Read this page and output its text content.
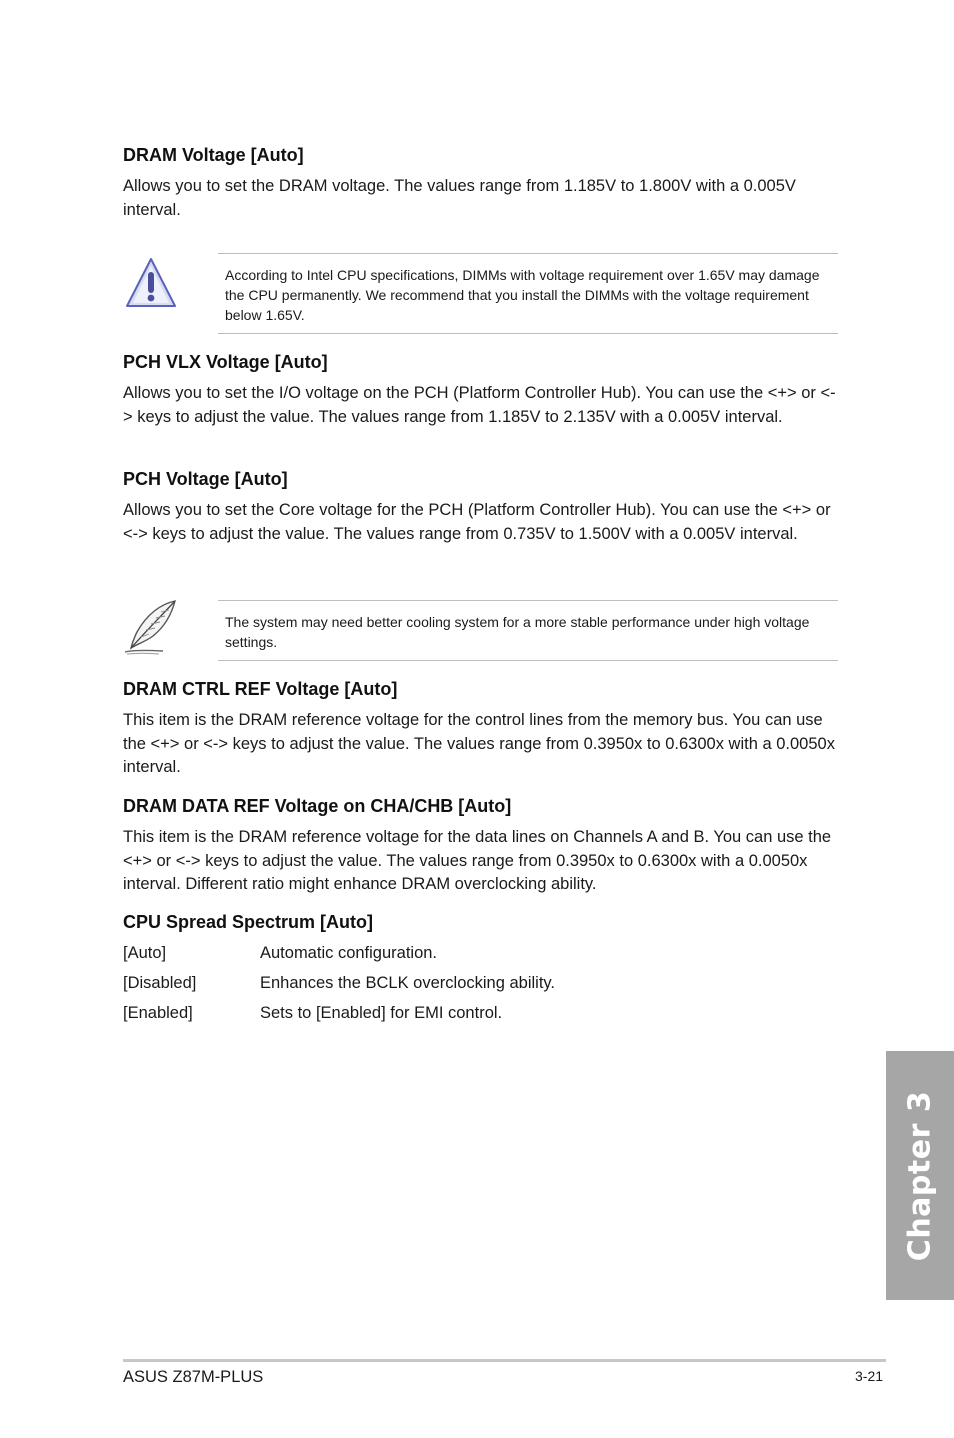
DRAM Voltage [Auto]
Allows you to set the DRAM voltage. The values range from 1.185V to 1.800V with a 0.005V interval.
According to Intel CPU specifications, DIMMs with voltage requirement over 1.65V may damage the CPU permanently. We recommend that you install the DIMMs with the voltage requirement below 1.65V.
PCH VLX Voltage [Auto]
Allows you to set the I/O voltage on the PCH (Platform Controller Hub). You can use the <+> or <-> keys to adjust the value. The values range from 1.185V to 2.135V with a 0.005V interval.
PCH Voltage [Auto]
Allows you to set the Core voltage for the PCH (Platform Controller Hub). You can use the <+> or <-> keys to adjust the value. The values range from 0.735V to 1.500V with a 0.005V interval.
The system may need better cooling system for a more stable performance under high voltage settings.
DRAM CTRL REF Voltage [Auto]
This item is the DRAM reference voltage for the control lines from the memory bus. You can use the <+> or <-> keys to adjust the value. The values range from 0.3950x to 0.6300x with a 0.0050x interval.
DRAM DATA REF Voltage on CHA/CHB [Auto]
This item is the DRAM reference voltage for the data lines on Channels A and B. You can use the <+> or <-> keys to adjust the value. The values range from 0.3950x to 0.6300x with a 0.0050x interval. Different ratio might enhance DRAM overclocking ability.
CPU Spread Spectrum [Auto]
[Auto]	Automatic configuration.
[Disabled]	Enhances the BCLK overclocking ability.
[Enabled]	Sets to [Enabled] for EMI control.
Chapter 3
ASUS Z87M-PLUS	3-21
